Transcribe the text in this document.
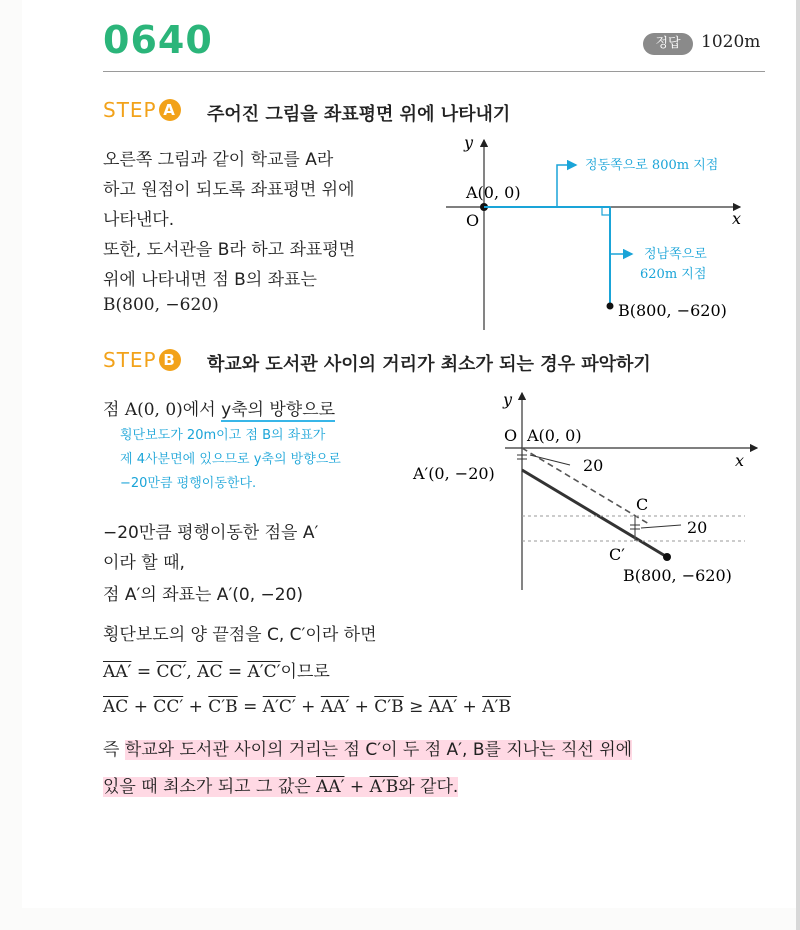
0640	정답	1020m
STEP A 주어진 그림을 좌표평면 위에 나타내기
오른쪽 그림과 같이 학교를 A라
하고 원점이 되도록 좌표평면 위에
나타낸다.
또한, 도서관을 B라 하고 좌표평면
위에 나타내면 점 B의 좌표는
B(800, −620)
y
x
O
A(0, 0)
정동쪽으로 800m 지점
정남쪽으로
620m 지점
B(800, −620)
STEP B 학교와 도서관 사이의 거리가 최소가 되는 경우 파악하기
점 A(0, 0)에서 y축의 방향으로
횡단보도가 20m이고 점 B의 좌표가
제 4사분면에 있으므로 y축의 방향으로
−20만큼 평행이동한다.
−20만큼 평행이동한 점을 A′
이라 할 때,
점 A′의 좌표는 A′(0, −20)
횡단보도의 양 끝점을 C, C′이라 하면
AA′ = CC′, $\overline{AC} = A'C'$이므로
$\overline{AC} + CC' + C'B = A'C' + AA' + C'B \ge AA' + A'B$
즉 학교와 도서관 사이의 거리는 점 C′이 두 점 A′, B를 지나는 직선 위에
있을 때 최소가 되고 그 값은 AA′ + A′B와 같다.
y
x
O A(0, 0)
A′(0, −20)	20
20
C
C′
B(800, −620)
